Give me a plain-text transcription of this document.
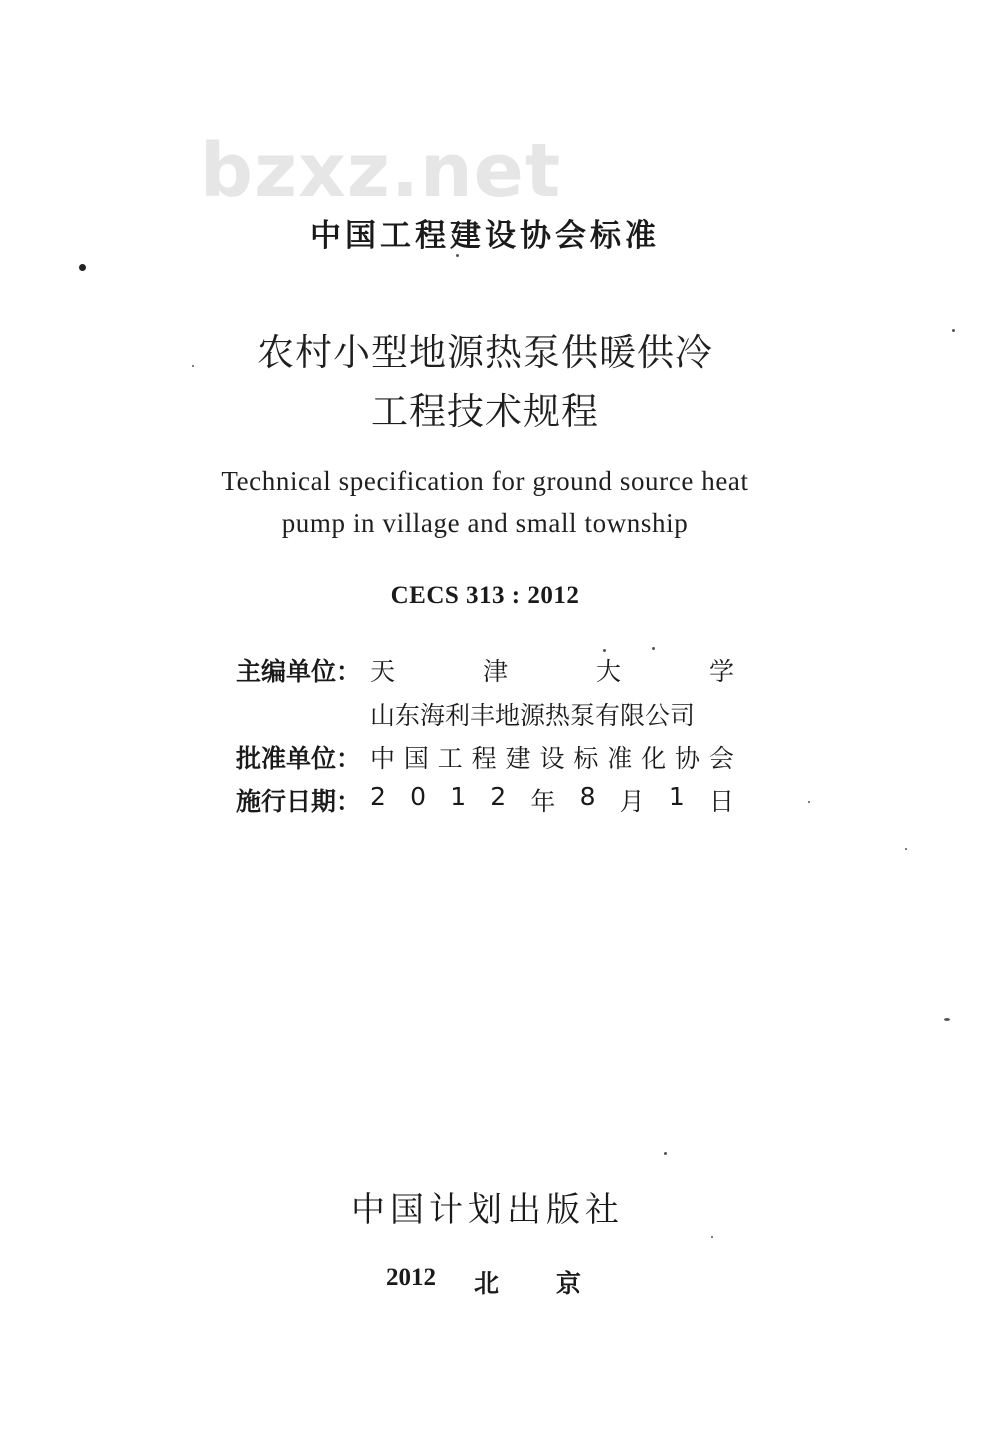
bzxz.net
中国工程建设协会标准
农村小型地源热泵供暖供冷
工程技术规程
Technical specification for ground source heat
pump in village and small township
CECS 313 : 2012
主编单位： 天	津	大	学
山东海利丰地源热泵有限公司
批准单位： 中 国 工 程 建 设 标 准 化 协 会
施行日期： 2 0 1 2 年 8 月 1 日
中国计划出版社
2012 北 京
